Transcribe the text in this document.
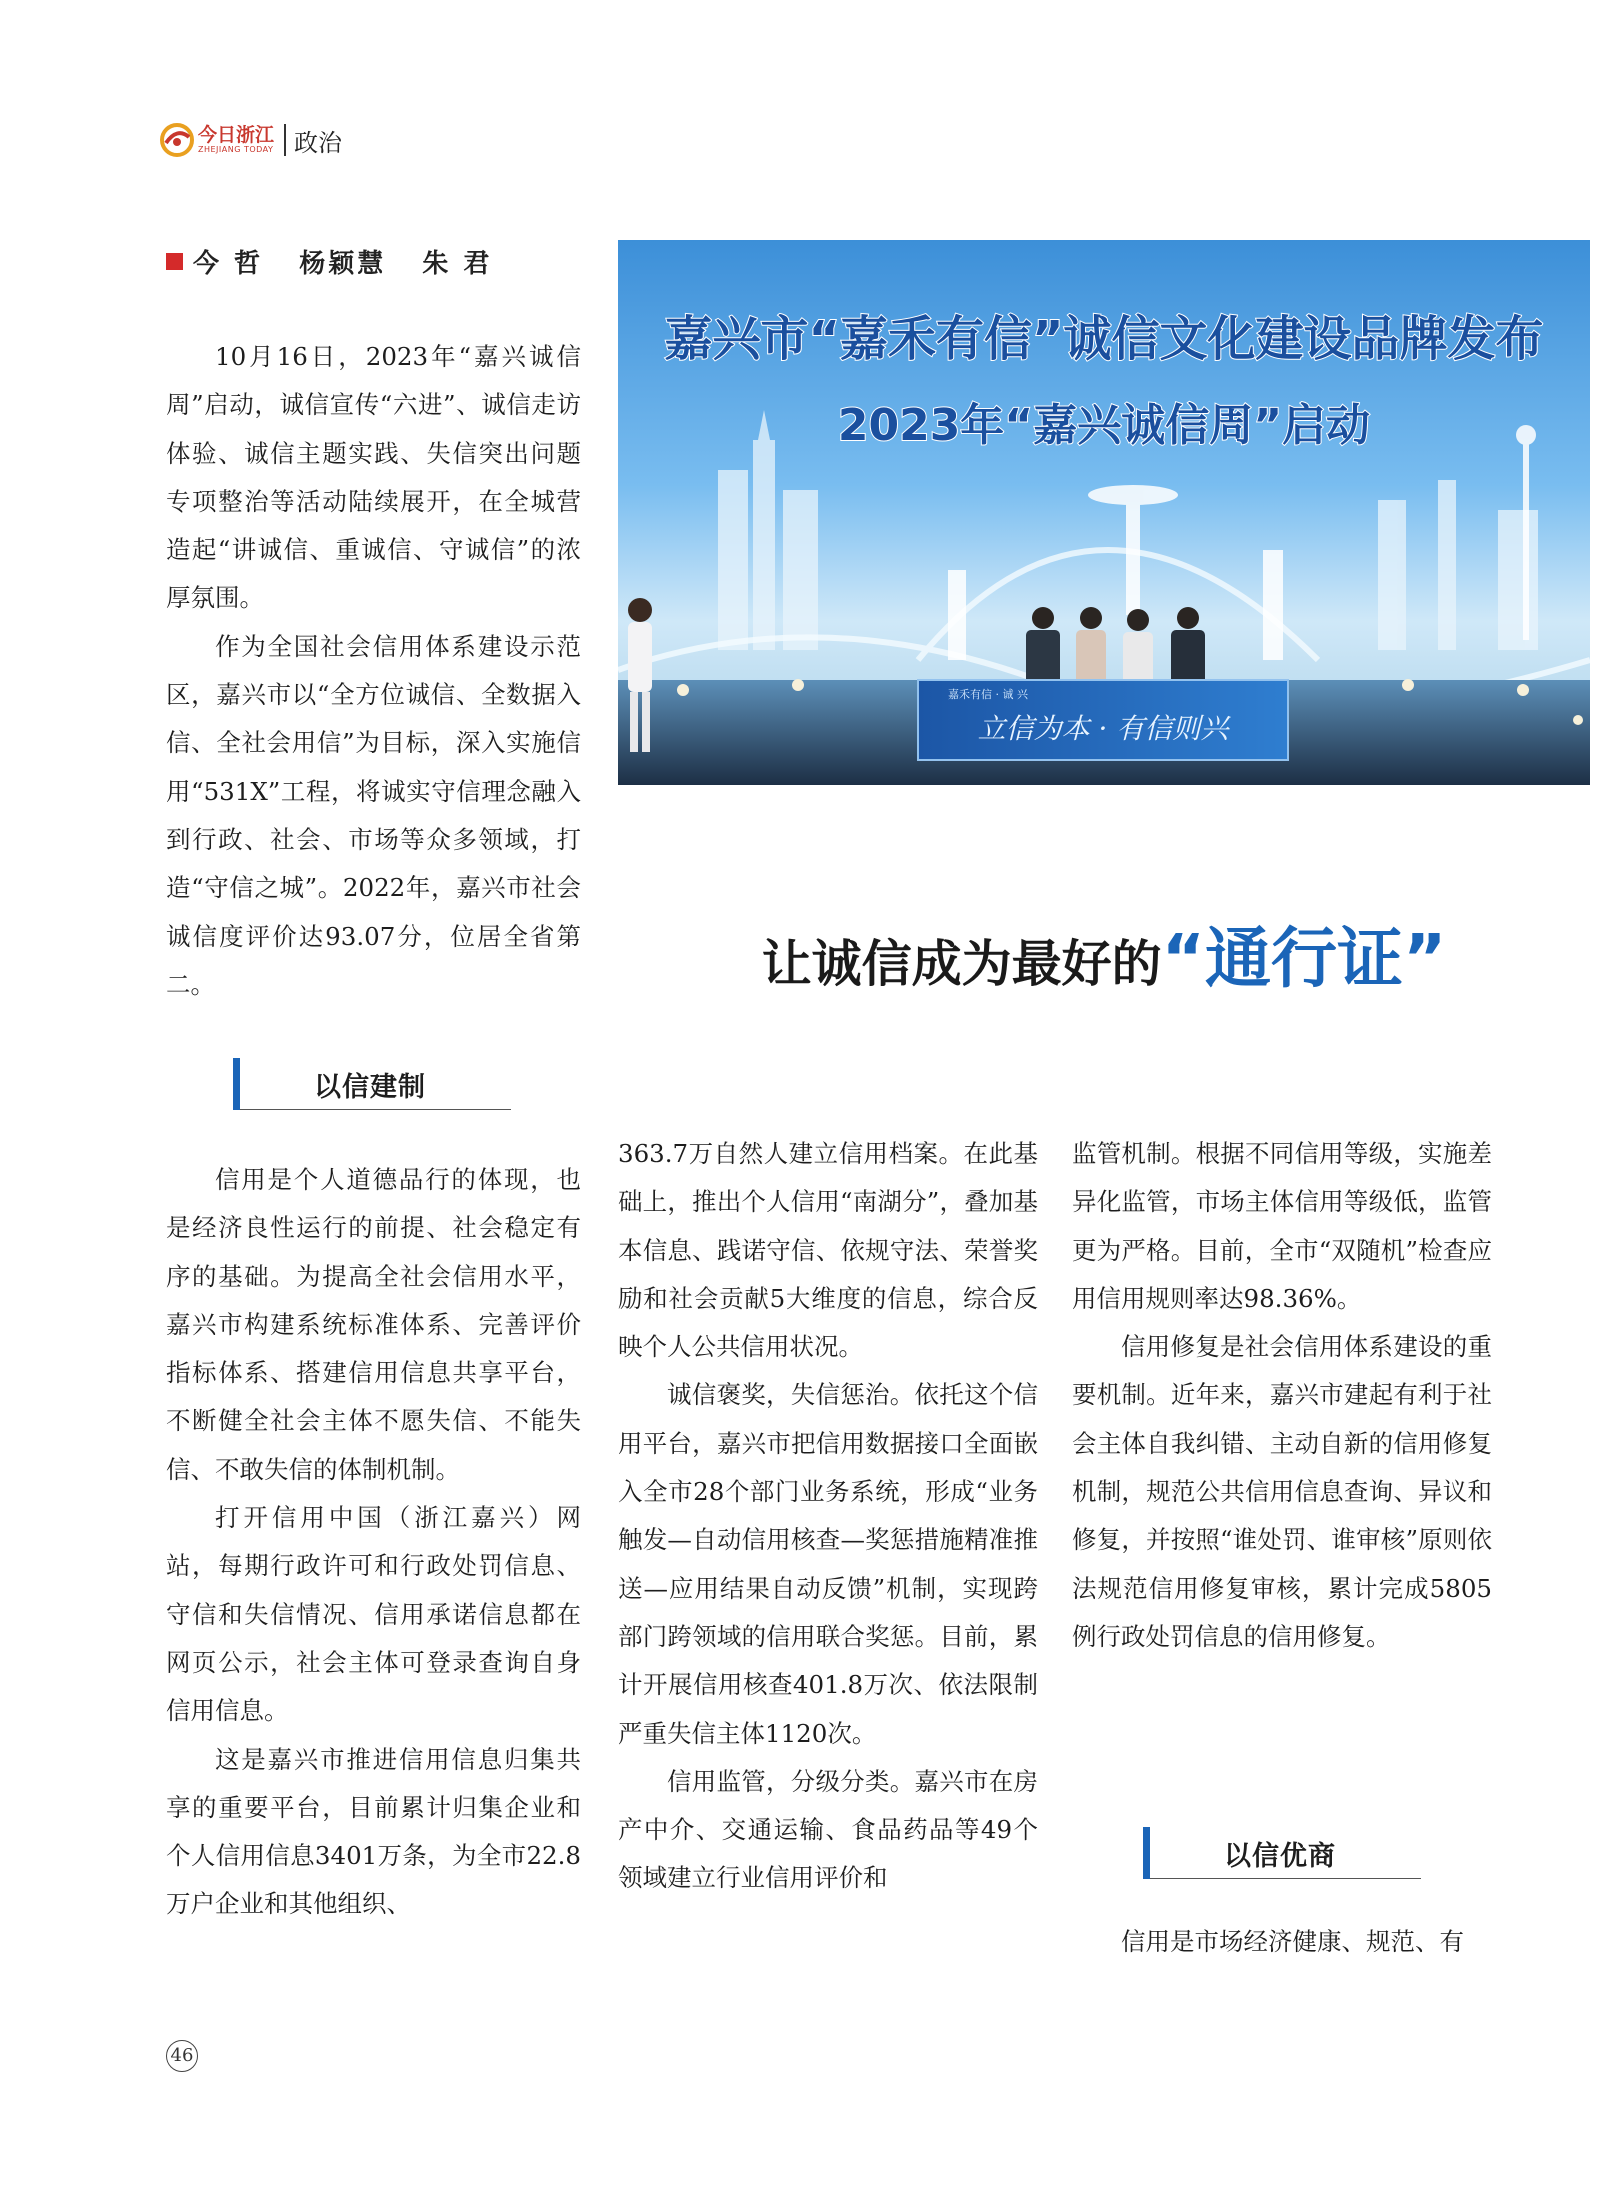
今日浙江
ZHEJIANG TODAY 政治
今 哲   杨颖慧   朱 君
嘉兴市“嘉禾有信”诚信文化建设品牌发布
2023年“嘉兴诚信周”启动
嘉禾有信 · 诚 兴
立信为本 · 有信则兴
让诚信成为最好的“通行证”

10月16日，2023年“嘉兴诚信周”启动，诚信宣传“六进”、诚信走访体验、诚信主题实践、失信突出问题专项整治等活动陆续展开，在全城营造起“讲诚信、重诚信、守诚信”的浓厚氛围。

作为全国社会信用体系建设示范区，嘉兴市以“全方位诚信、全数据入信、全社会用信”为目标，深入实施信用“531X”工程，将诚实守信理念融入到行政、社会、市场等众多领域，打造“守信之城”。2022年，嘉兴市社会诚信度评价达93.07分，位居全省第二。

以信建制

信用是个人道德品行的体现，也是经济良性运行的前提、社会稳定有序的基础。为提高全社会信用水平，嘉兴市构建系统标准体系、完善评价指标体系、搭建信用信息共享平台，不断健全社会主体不愿失信、不能失信、不敢失信的体制机制。

打开信用中国（浙江嘉兴）网站，每期行政许可和行政处罚信息、守信和失信情况、信用承诺信息都在网页公示，社会主体可登录查询自身信用信息。

这是嘉兴市推进信用信息归集共享的重要平台，目前累计归集企业和个人信用信息3401万条，为全市22.8万户企业和其他组织、

363.7万自然人建立信用档案。在此基础上，推出个人信用“南湖分”，叠加基本信息、践诺守信、依规守法、荣誉奖励和社会贡献5大维度的信息，综合反映个人公共信用状况。

诚信褒奖，失信惩治。依托这个信用平台，嘉兴市把信用数据接口全面嵌入全市28个部门业务系统，形成“业务触发—自动信用核查—奖惩措施精准推送—应用结果自动反馈”机制，实现跨部门跨领域的信用联合奖惩。目前，累计开展信用核查401.8万次、依法限制严重失信主体1120次。

信用监管，分级分类。嘉兴市在房产中介、交通运输、食品药品等49个领域建立行业信用评价和

监管机制。根据不同信用等级，实施差异化监管，市场主体信用等级低，监管更为严格。目前，全市“双随机”检查应用信用规则率达98.36%。

信用修复是社会信用体系建设的重要机制。近年来，嘉兴市建起有利于社会主体自我纠错、主动自新的信用修复机制，规范公共信用信息查询、异议和修复，并按照“谁处罚、谁审核”原则依法规范信用修复审核，累计完成5805例行政处罚信息的信用修复。

以信优商

信用是市场经济健康、规范、有

46
